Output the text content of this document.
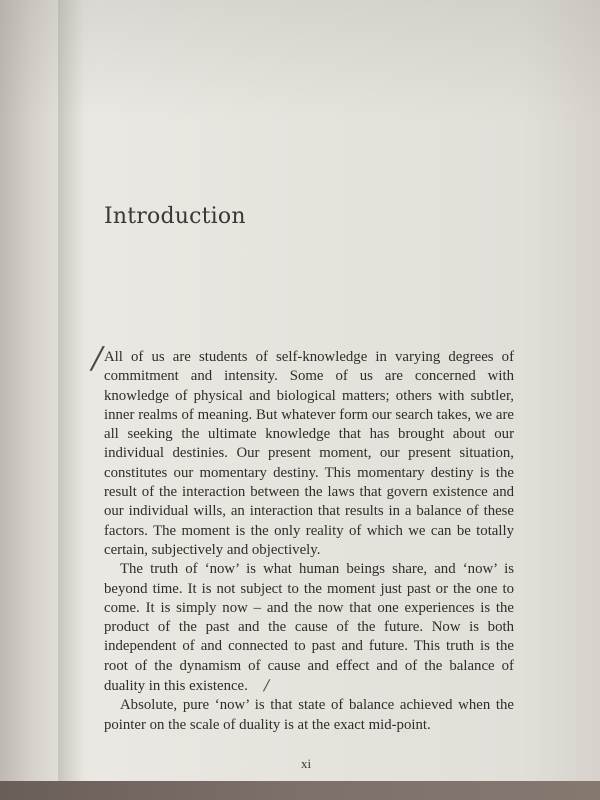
Introduction
/

All of us are students of self-knowledge in varying degrees of commitment and intensity. Some of us are concerned with knowledge of physical and biological matters; others with subtler, inner realms of meaning. But whatever form our search takes, we are all seeking the ultimate knowledge that has brought about our individual destinies. Our present moment, our present situation, constitutes our momentary destiny. This momentary destiny is the result of the interaction between the laws that govern existence and our individual wills, an interaction that results in a balance of these factors. The moment is the only reality of which we can be totally certain, subjectively and objectively.

The truth of ‘now’ is what human beings share, and ‘now’ is beyond time. It is not subject to the moment just past or the one to come. It is simply now – and the now that one experiences is the product of the past and the cause of the future. Now is both independent of and connected to past and future. This truth is the root of the dynamism of cause and effect and of the balance of duality in this existence. /

Absolute, pure ‘now’ is that state of balance achieved when the pointer on the scale of duality is at the exact mid-point.

xi
